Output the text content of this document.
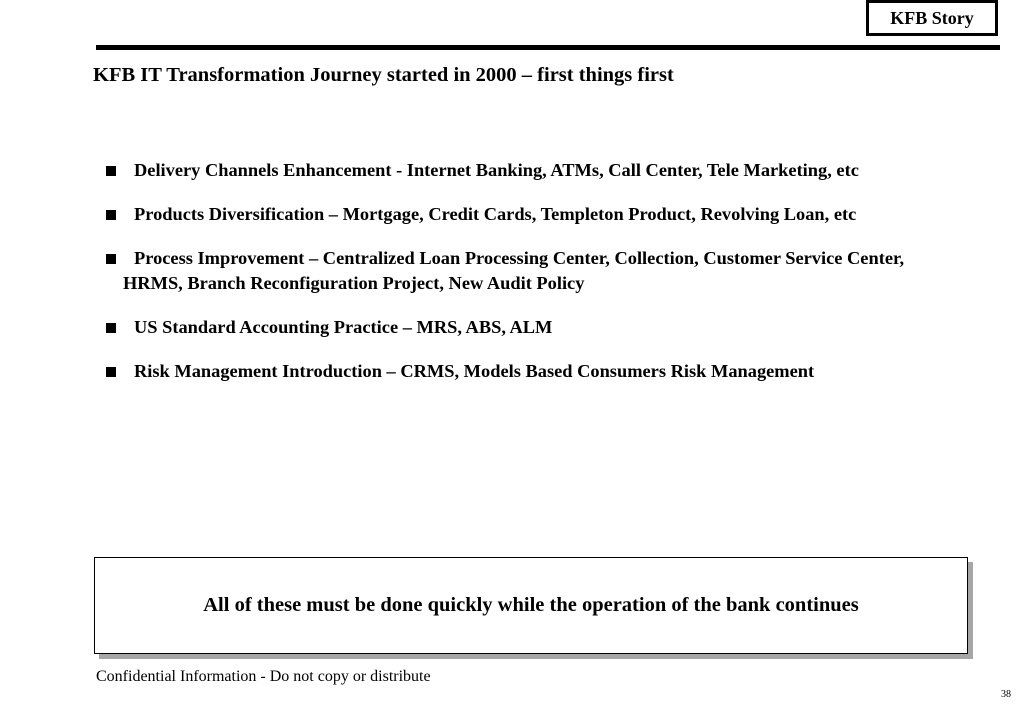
KFB Story
KFB IT Transformation Journey started in 2000 – first things first
Delivery Channels Enhancement - Internet Banking, ATMs, Call Center, Tele Marketing, etc
Products Diversification – Mortgage, Credit Cards, Templeton Product, Revolving Loan, etc
Process Improvement – Centralized Loan Processing Center, Collection, Customer Service Center,
HRMS, Branch Reconfiguration Project, New Audit Policy
US Standard Accounting Practice – MRS, ABS, ALM
Risk Management Introduction – CRMS, Models Based Consumers Risk Management
All of these must be done quickly while the operation of the bank continues
Confidential Information - Do not copy or distribute
38
